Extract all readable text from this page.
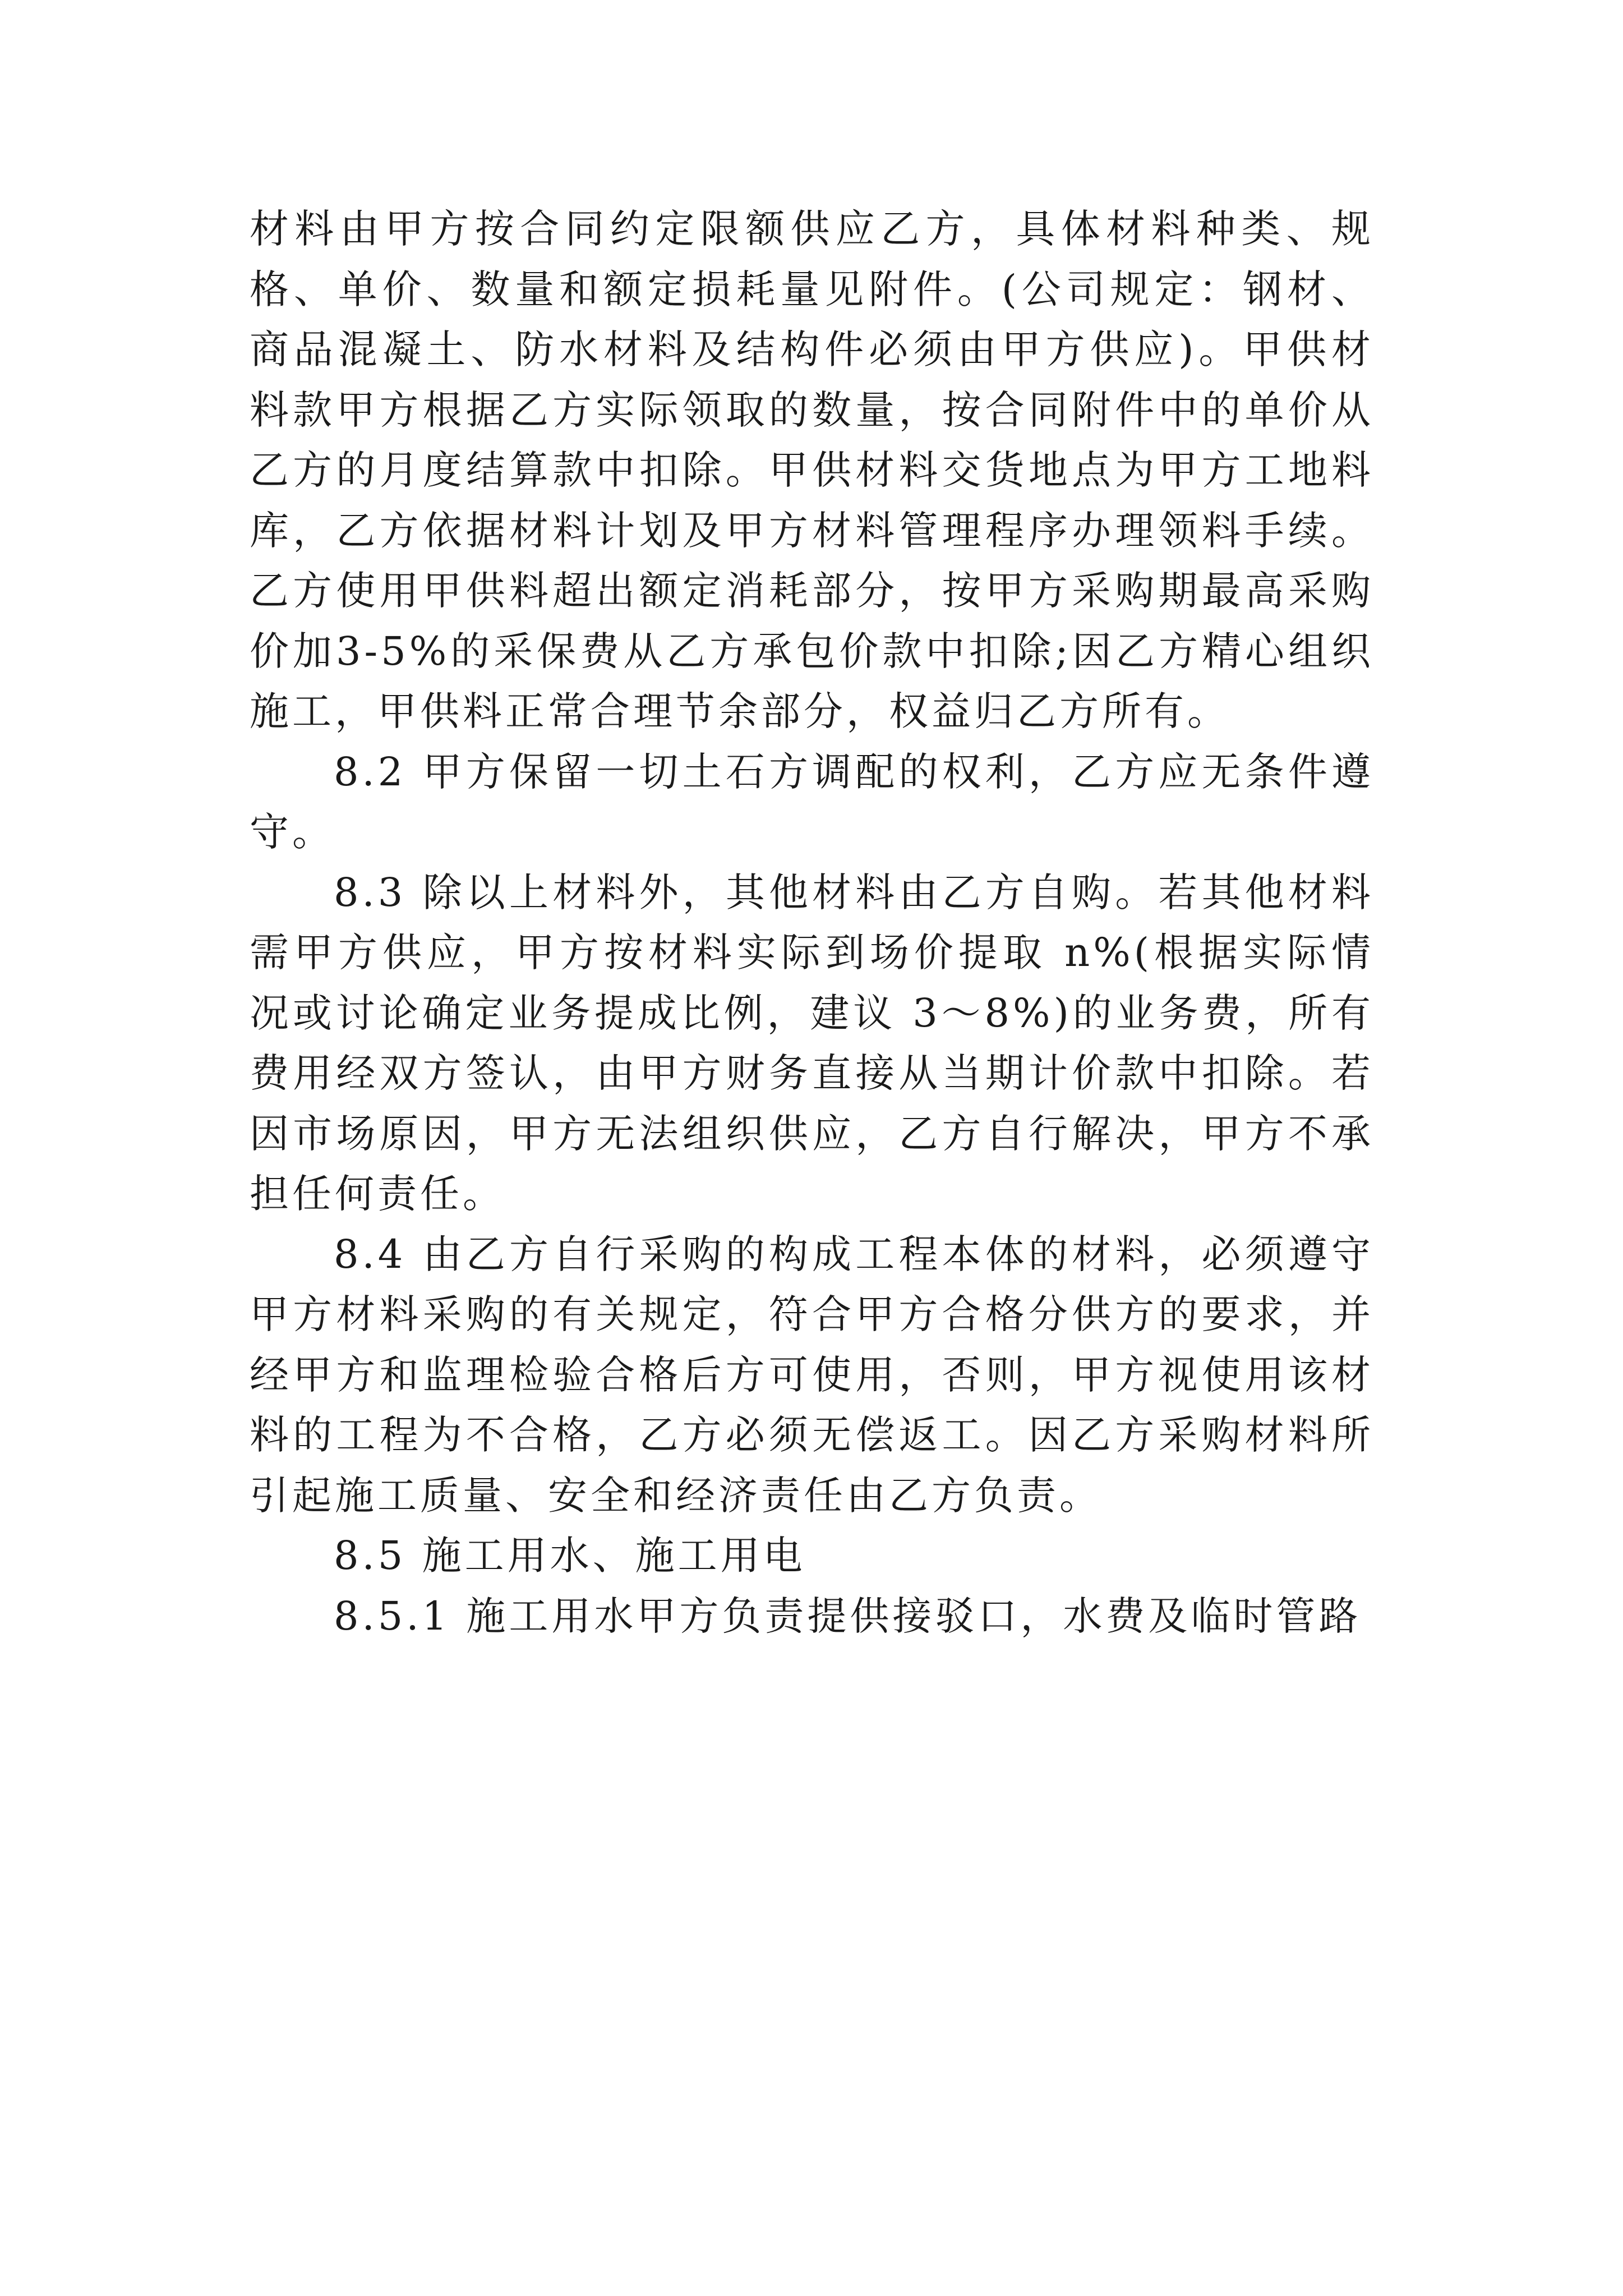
材料由甲方按合同约定限额供应乙方，具体材料种类、规格、单价、数量和额定损耗量见附件。(公司规定：钢材、商品混凝土、防水材料及结构件必须由甲方供应)。甲供材料款甲方根据乙方实际领取的数量，按合同附件中的单价从乙方的月度结算款中扣除。甲供材料交货地点为甲方工地料库，乙方依据材料计划及甲方材料管理程序办理领料手续。乙方使用甲供料超出额定消耗部分，按甲方采购期最高采购价加3-5%的采保费从乙方承包价款中扣除;因乙方精心组织施工，甲供料正常合理节余部分，权益归乙方所有。

8.2 甲方保留一切土石方调配的权利，乙方应无条件遵守。

8.3 除以上材料外，其他材料由乙方自购。若其他材料需甲方供应，甲方按材料实际到场价提取 n%(根据实际情况或讨论确定业务提成比例，建议 3～8%)的业务费，所有费用经双方签认，由甲方财务直接从当期计价款中扣除。若因市场原因，甲方无法组织供应，乙方自行解决，甲方不承担任何责任。

8.4 由乙方自行采购的构成工程本体的材料，必须遵守甲方材料采购的有关规定，符合甲方合格分供方的要求，并经甲方和监理检验合格后方可使用，否则，甲方视使用该材料的工程为不合格，乙方必须无偿返工。因乙方采购材料所引起施工质量、安全和经济责任由乙方负责。

8.5 施工用水、施工用电

8.5.1 施工用水甲方负责提供接驳口，水费及临时管路
